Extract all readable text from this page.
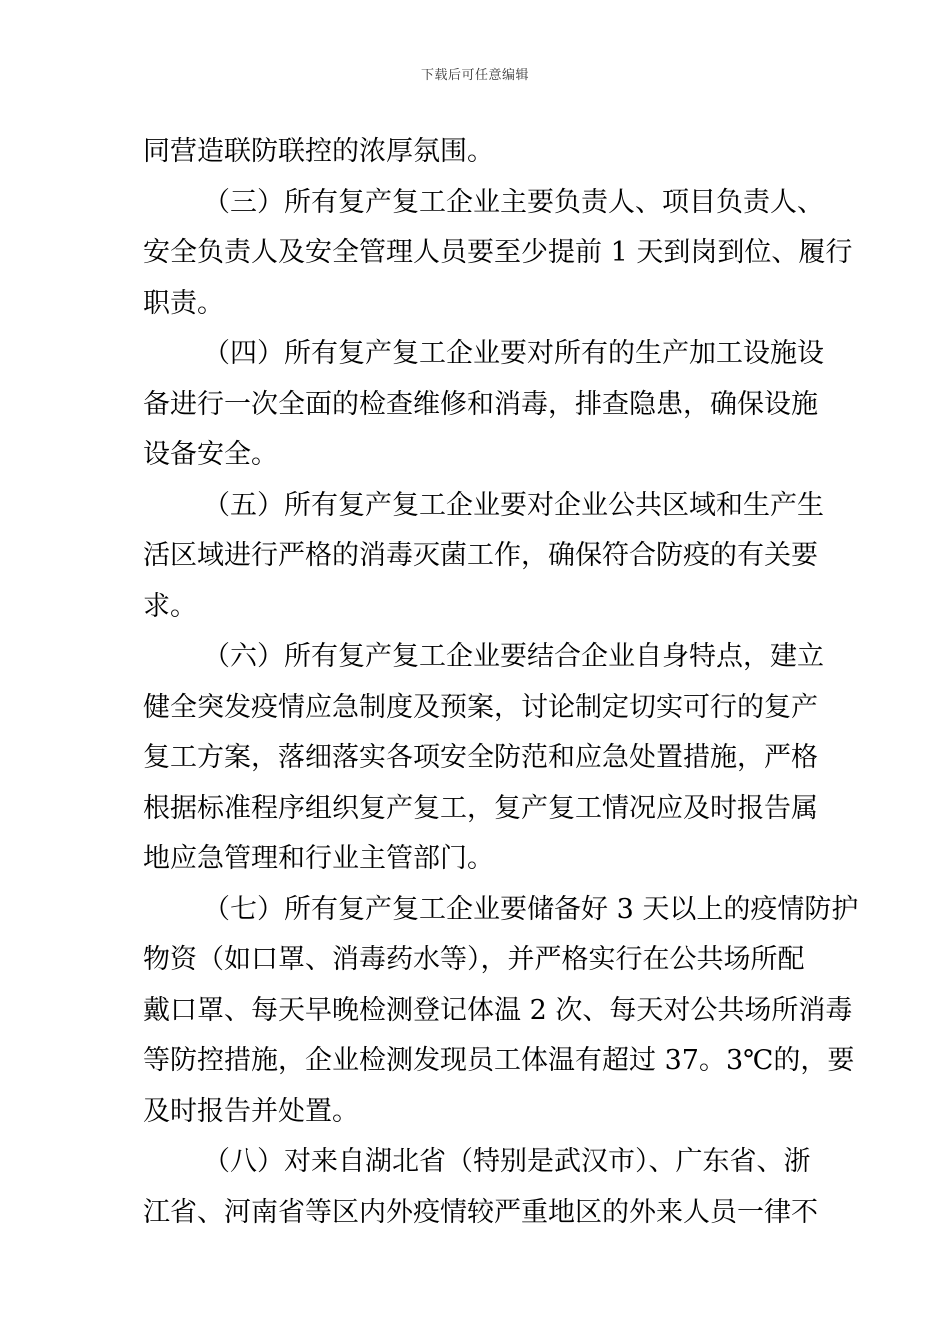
下载后可任意编辑
同营造联防联控的浓厚氛围。
（三）所有复产复工企业主要负责人、项目负责人、
安全负责人及安全管理人员要至少提前 1 天到岗到位、履行
职责。
（四）所有复产复工企业要对所有的生产加工设施设
备进行一次全面的检查维修和消毒，排查隐患，确保设施
设备安全。
（五）所有复产复工企业要对企业公共区域和生产生
活区域进行严格的消毒灭菌工作，确保符合防疫的有关要
求。
（六）所有复产复工企业要结合企业自身特点，建立
健全突发疫情应急制度及预案，讨论制定切实可行的复产
复工方案，落细落实各项安全防范和应急处置措施，严格
根据标准程序组织复产复工，复产复工情况应及时报告属
地应急管理和行业主管部门。
（七）所有复产复工企业要储备好 3 天以上的疫情防护
物资（如口罩、消毒药水等），并严格实行在公共场所配
戴口罩、每天早晚检测登记体温 2 次、每天对公共场所消毒
等防控措施，企业检测发现员工体温有超过 37。3℃的，要
及时报告并处置。
（八）对来自湖北省（特别是武汉市）、广东省、浙
江省、河南省等区内外疫情较严重地区的外来人员一律不
